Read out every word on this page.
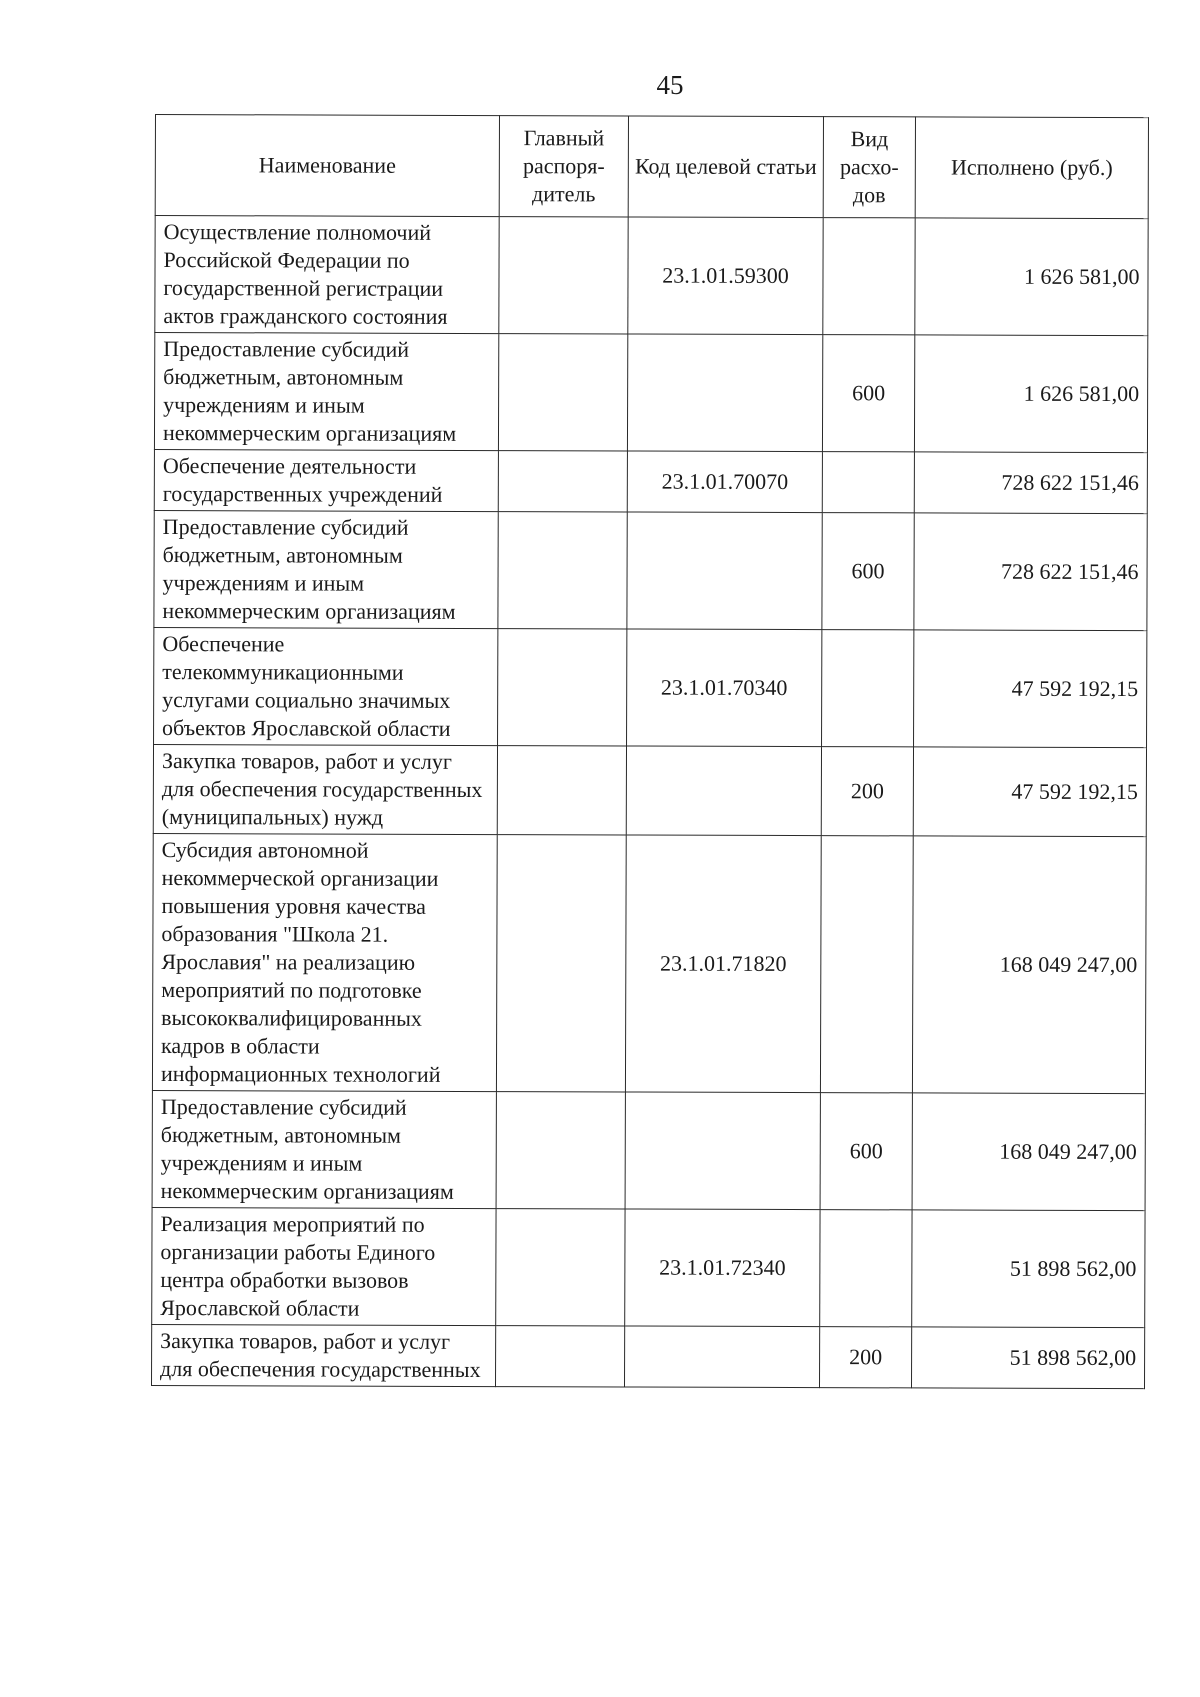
45
Наименование	Главный распоря-дитель	Код целевой статьи	Вид расхо-дов	Исполнено (руб.)
Осуществление полномочий Российской Федерации по государственной регистрации актов гражданского состояния		23.1.01.59300		1 626 581,00
Предоставление субсидий бюджетным, автономным учреждениям и иным некоммерческим организациям			600	1 626 581,00
Обеспечение деятельности государственных учреждений		23.1.01.70070		728 622 151,46
Предоставление субсидий бюджетным, автономным учреждениям и иным некоммерческим организациям			600	728 622 151,46
Обеспечение телекоммуникационными услугами социально значимых объектов Ярославской области		23.1.01.70340		47 592 192,15
Закупка товаров, работ и услуг для обеспечения государственных (муниципальных) нужд			200	47 592 192,15
Субсидия автономной некоммерческой организации повышения уровня качества образования "Школа 21. Ярославия" на реализацию мероприятий по подготовке высококвалифицированных кадров в области информационных технологий		23.1.01.71820		168 049 247,00
Предоставление субсидий бюджетным, автономным учреждениям и иным некоммерческим организациям			600	168 049 247,00
Реализация мероприятий по организации работы Единого центра обработки вызовов Ярославской области		23.1.01.72340		51 898 562,00
Закупка товаров, работ и услуг для обеспечения государственных			200	51 898 562,00
